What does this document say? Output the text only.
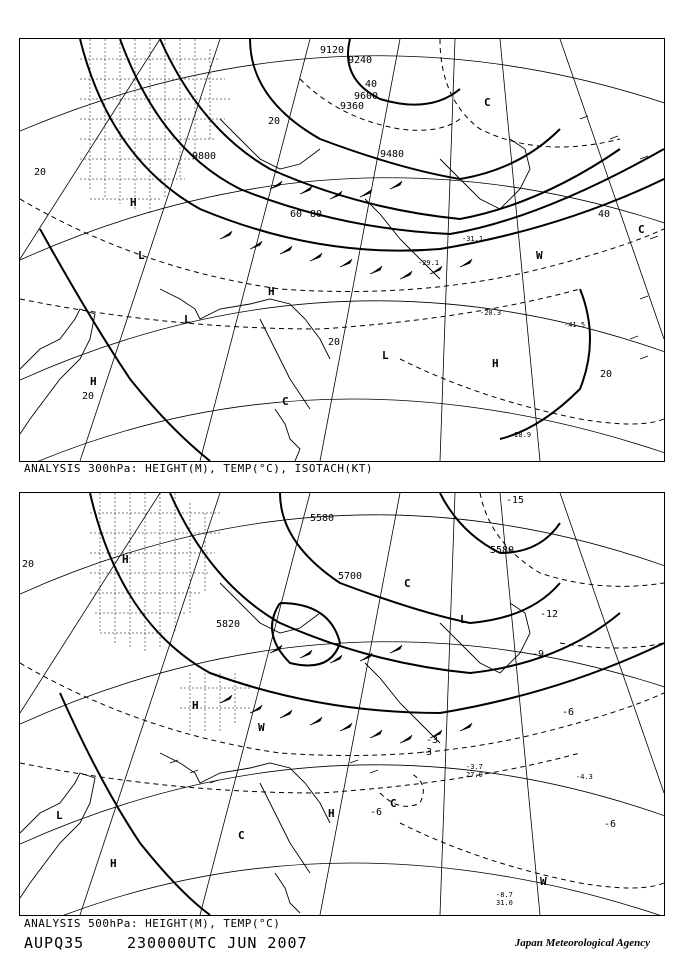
9120
9240
9360
9480
9600
9800
20
40
60 80
20
40
20
20
20
H
L
H
L
H
C
W
C
L
H
C
-20.3
-28.9
-41.5
-31.1
-29.1
ANALYSIS 300hPa: HEIGHT(M), TEMP(°C), ISOTACH(KT)
5580
5580
5700
5820
-15
-12
-9
-6
-3
-6
-6
-3
20	H
L
C
H
W
H
C
L
H
W
C
-3.7
27.0
-8.7
31.0
-4.3
ANALYSIS 500hPa: HEIGHT(M), TEMP(°C)
AUPQ35	230000UTC JUN 2007	Japan Meteorological Agency
